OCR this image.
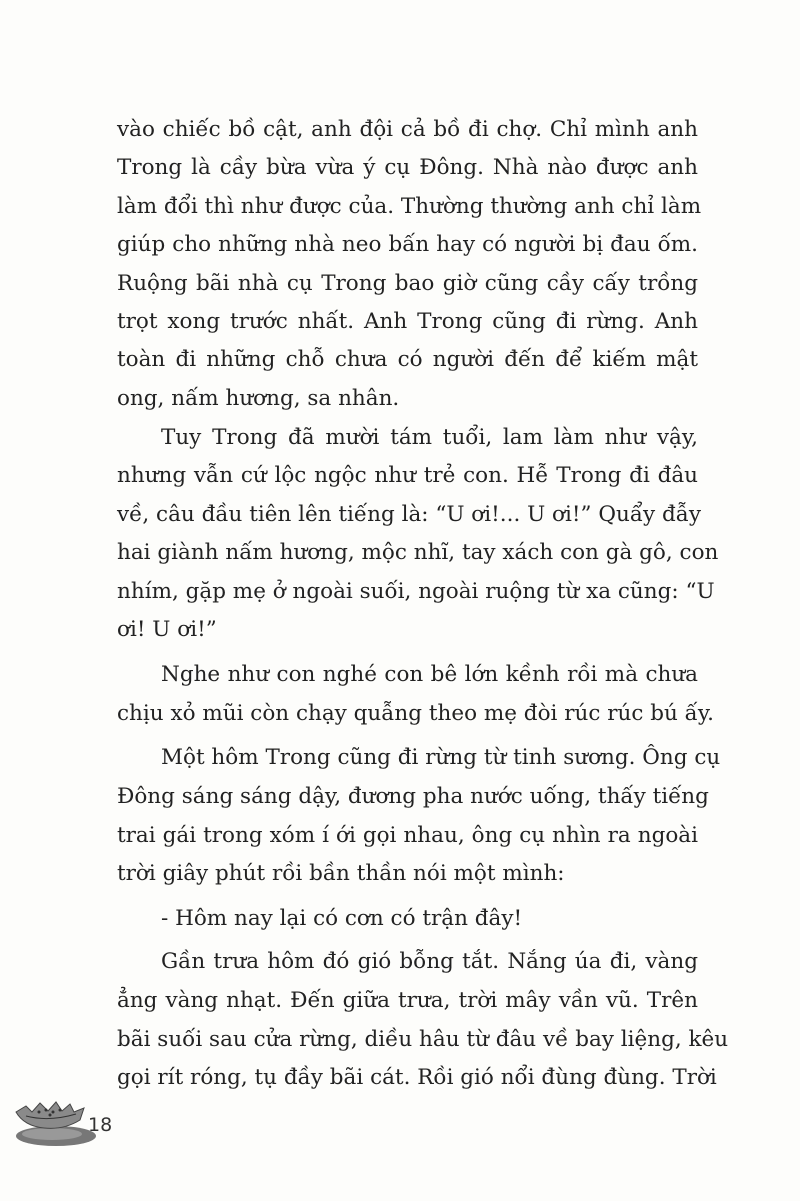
vào chiếc bồ cật, anh đội cả bồ đi chợ. Chỉ mình anh
Trong là cầy bừa vừa ý cụ Đông. Nhà nào được anh
làm đổi thì như được của. Thường thường anh chỉ làm
giúp cho những nhà neo bấn hay có người bị đau ốm.
Ruộng bãi nhà cụ Trong bao giờ cũng cầy cấy trồng
trọt xong trước nhất. Anh Trong cũng đi rừng. Anh
toàn đi những chỗ chưa có người đến để kiếm mật
ong, nấm hương, sa nhân.
Tuy Trong đã mười tám tuổi, lam làm như vậy,
nhưng vẫn cứ lộc ngộc như trẻ con. Hễ Trong đi đâu
về, câu đầu tiên lên tiếng là: “U ơi!... U ơi!” Quẩy đẫy
hai giành nấm hương, mộc nhĩ, tay xách con gà gô, con
nhím, gặp mẹ ở ngoài suối, ngoài ruộng từ xa cũng: “U
ơi! U ơi!”
Nghe như con nghé con bê lớn kềnh rồi mà chưa
chịu xỏ mũi còn chạy quẫng theo mẹ đòi rúc rúc bú ấy.
Một hôm Trong cũng đi rừng từ tinh sương. Ông cụ
Đông sáng sáng dậy, đương pha nước uống, thấy tiếng
trai gái trong xóm í ới gọi nhau, ông cụ nhìn ra ngoài
trời giây phút rồi bần thần nói một mình:
- Hôm nay lại có cơn có trận đây!
Gần trưa hôm đó gió bỗng tắt. Nắng úa đi, vàng
ẳng vàng nhạt. Đến giữa trưa, trời mây vần vũ. Trên
bãi suối sau cửa rừng, diều hâu từ đâu về bay liệng, kêu
gọi rít róng, tụ đầy bãi cát. Rồi gió nổi đùng đùng. Trời
18
